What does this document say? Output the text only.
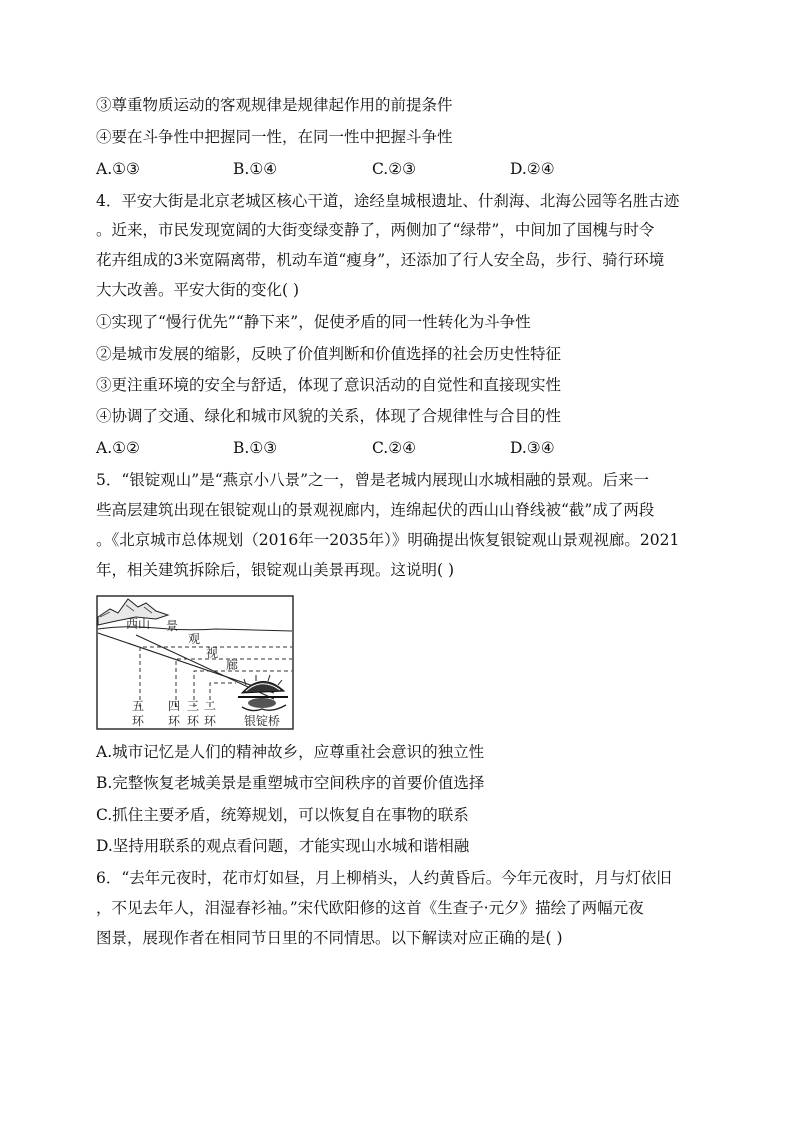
③尊重物质运动的客观规律是规律起作用的前提条件
④要在斗争性中把握同一性，在同一性中把握斗争性
A.①③	B.①④	C.②③	D.②④
4．平安大街是北京老城区核心干道，途经皇城根遗址、什刹海、北海公园等名胜古迹
。近来，市民发现宽阔的大街变绿变静了，两侧加了“绿带”，中间加了国槐与时令
花卉组成的3米宽隔离带，机动车道“瘦身”，还添加了行人安全岛，步行、骑行环境
大大改善。平安大街的变化( )
①实现了“慢行优先”“静下来”，促使矛盾的同一性转化为斗争性
②是城市发展的缩影，反映了价值判断和价值选择的社会历史性特征
③更注重环境的安全与舒适，体现了意识活动的自觉性和直接现实性
④协调了交通、绿化和城市风貌的关系，体现了合规律性与合目的性
A.①②	B.①③	C.②④	D.③④
5．“银锭观山”是“燕京小八景”之一，曾是老城内展现山水城相融的景观。后来一
些高层建筑出现在银锭观山的景观视廊内，连绵起伏的西山山脊线被“截”成了两段
。《北京城市总体规划（2016年一2035年）》明确提出恢复银锭观山景观视廊。2021
年，相关建筑拆除后，银锭观山美景再现。这说明( )
西山 景
观
视
廊
五
环
四
环
三
环
二
环 银锭桥
A.城市记忆是人们的精神故乡，应尊重社会意识的独立性
B.完整恢复老城美景是重塑城市空间秩序的首要价值选择
C.抓住主要矛盾，统筹规划，可以恢复自在事物的联系
D.坚持用联系的观点看问题，才能实现山水城和谐相融
6．“去年元夜时，花市灯如昼，月上柳梢头，人约黄昏后。今年元夜时，月与灯依旧
，不见去年人，泪湿春衫袖。”宋代欧阳修的这首《生查子·元夕》描绘了两幅元夜
图景，展现作者在相同节日里的不同情思。以下解读对应正确的是( )
